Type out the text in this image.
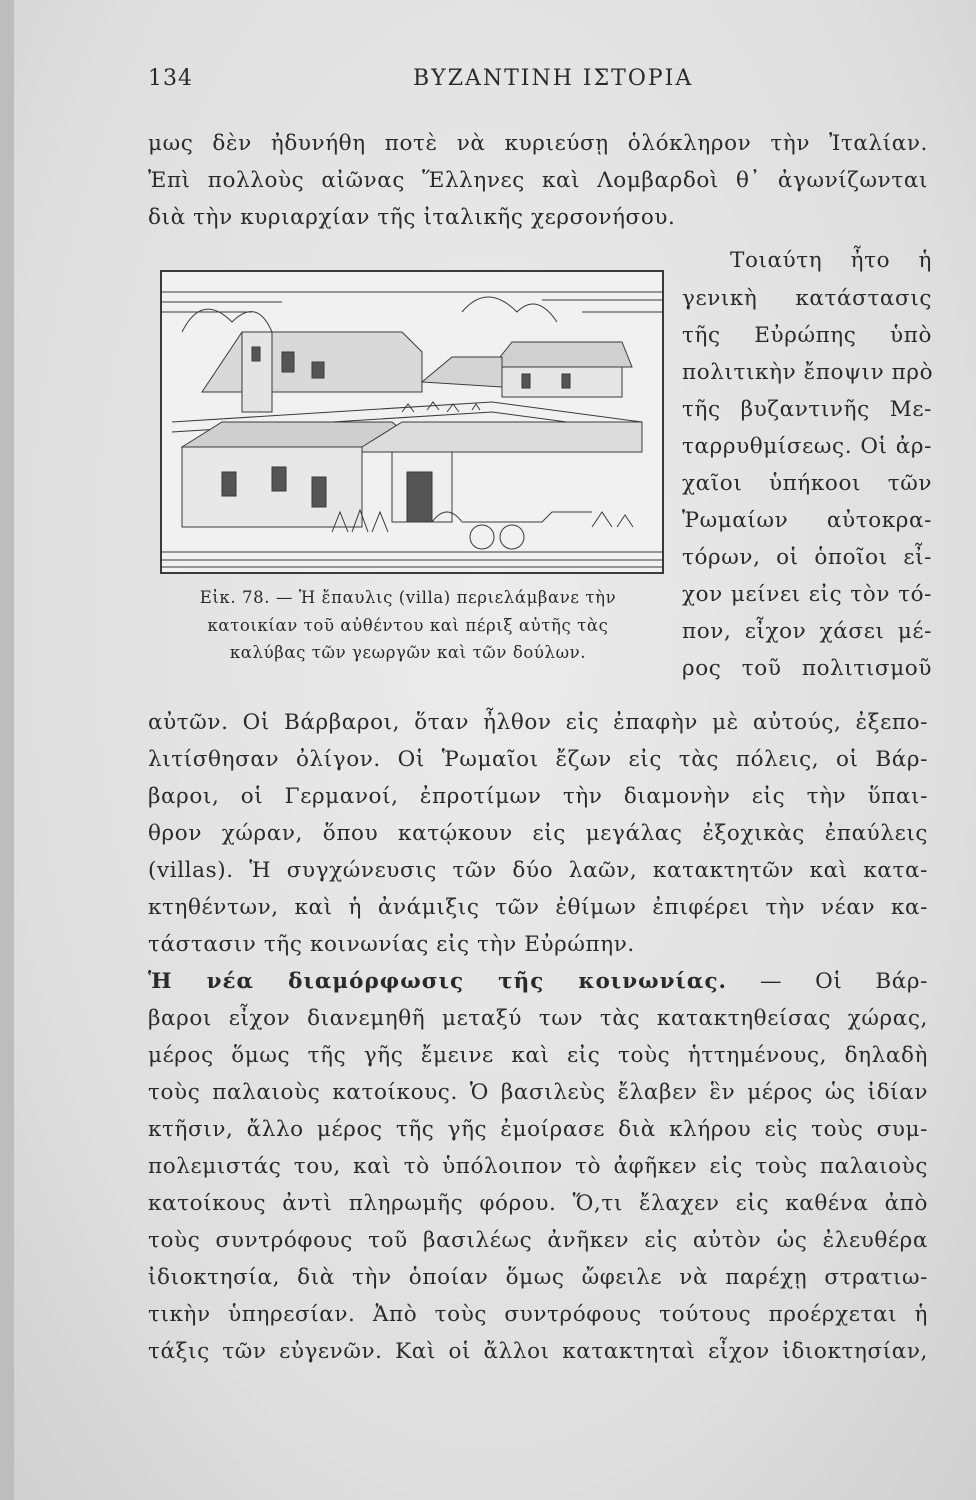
134	ΒΥΖΑΝΤΙΝΗ ΙΣΤΟΡΙΑ
μως δὲν ἠδυνήθη ποτὲ νὰ κυριεύσῃ ὁλόκληρον τὴν Ἰταλίαν.
Ἐπὶ πολλοὺς αἰῶνας Ἕλληνες καὶ Λομβαρδοὶ θ᾽ ἀγωνίζωνται
διὰ τὴν κυριαρχίαν τῆς ἰταλικῆς χερσονήσου.
Τοιαύτη ἦτο ἡ
γενικὴ κατάστασις
τῆς Εὐρώπης ὑπὸ
πολιτικὴν ἔποψιν πρὸ
τῆς βυζαντινῆς Με-
ταρρυθμίσεως. Οἱ ἀρ-
χαῖοι ὑπήκοοι τῶν
Ῥωμαίων αὐτοκρα-
τόρων, οἱ ὁποῖοι εἶ-
χον μείνει εἰς τὸν τό-
πον, εἶχον χάσει μέ-
ρος τοῦ πολιτισμοῦ
Εἰκ. 78. — Ἡ ἔπαυλις (villa) περιελάμβανε τὴν
κατοικίαν τοῦ αὐθέντου καὶ πέριξ αὐτῆς τὰς
καλύβας τῶν γεωργῶν καὶ τῶν δούλων.
αὐτῶν. Οἱ Βάρβαροι, ὅταν ἦλθον εἰς ἐπαφὴν μὲ αὐτούς, ἐξεπο-
λιτίσθησαν ὀλίγον. Οἱ Ῥωμαῖοι ἔζων εἰς τὰς πόλεις, οἱ Βάρ-
βαροι, οἱ Γερμανοί, ἐπροτίμων τὴν διαμονὴν εἰς τὴν ὕπαι-
θρον χώραν, ὅπου κατῴκουν εἰς μεγάλας ἐξοχικὰς ἐπαύλεις
(villas). Ἡ συγχώνευσις τῶν δύο λαῶν, κατακτητῶν καὶ κατα-
κτηθέντων, καὶ ἡ ἀνάμιξις τῶν ἐθίμων ἐπιφέρει τὴν νέαν κα-
τάστασιν τῆς κοινωνίας εἰς τὴν Εὐρώπην.
Ἡ νέα διαμόρφωσις τῆς κοινωνίας. — Οἱ Βάρ-
βαροι εἶχον διανεμηθῆ μεταξύ των τὰς κατακτηθείσας χώρας,
μέρος ὅμως τῆς γῆς ἔμεινε καὶ εἰς τοὺς ἡττημένους, δηλαδὴ
τοὺς παλαιοὺς κατοίκους. Ὁ βασιλεὺς ἔλαβεν ἓν μέρος ὡς ἰδίαν
κτῆσιν, ἄλλο μέρος τῆς γῆς ἐμοίρασε διὰ κλήρου εἰς τοὺς συμ-
πολεμιστάς του, καὶ τὸ ὑπόλοιπον τὸ ἀφῆκεν εἰς τοὺς παλαιοὺς
κατοίκους ἀντὶ πληρωμῆς φόρου. Ὅ,τι ἔλαχεν εἰς καθένα ἀπὸ
τοὺς συντρόφους τοῦ βασιλέως ἀνῆκεν εἰς αὐτὸν ὡς ἐλευθέρα
ἰδιοκτησία, διὰ τὴν ὁποίαν ὅμως ὤφειλε νὰ παρέχῃ στρατιω-
τικὴν ὑπηρεσίαν. Ἀπὸ τοὺς συντρόφους τούτους προέρχεται ἡ
τάξις τῶν εὐγενῶν. Καὶ οἱ ἄλλοι κατακτηταὶ εἶχον ἰδιοκτησίαν,
